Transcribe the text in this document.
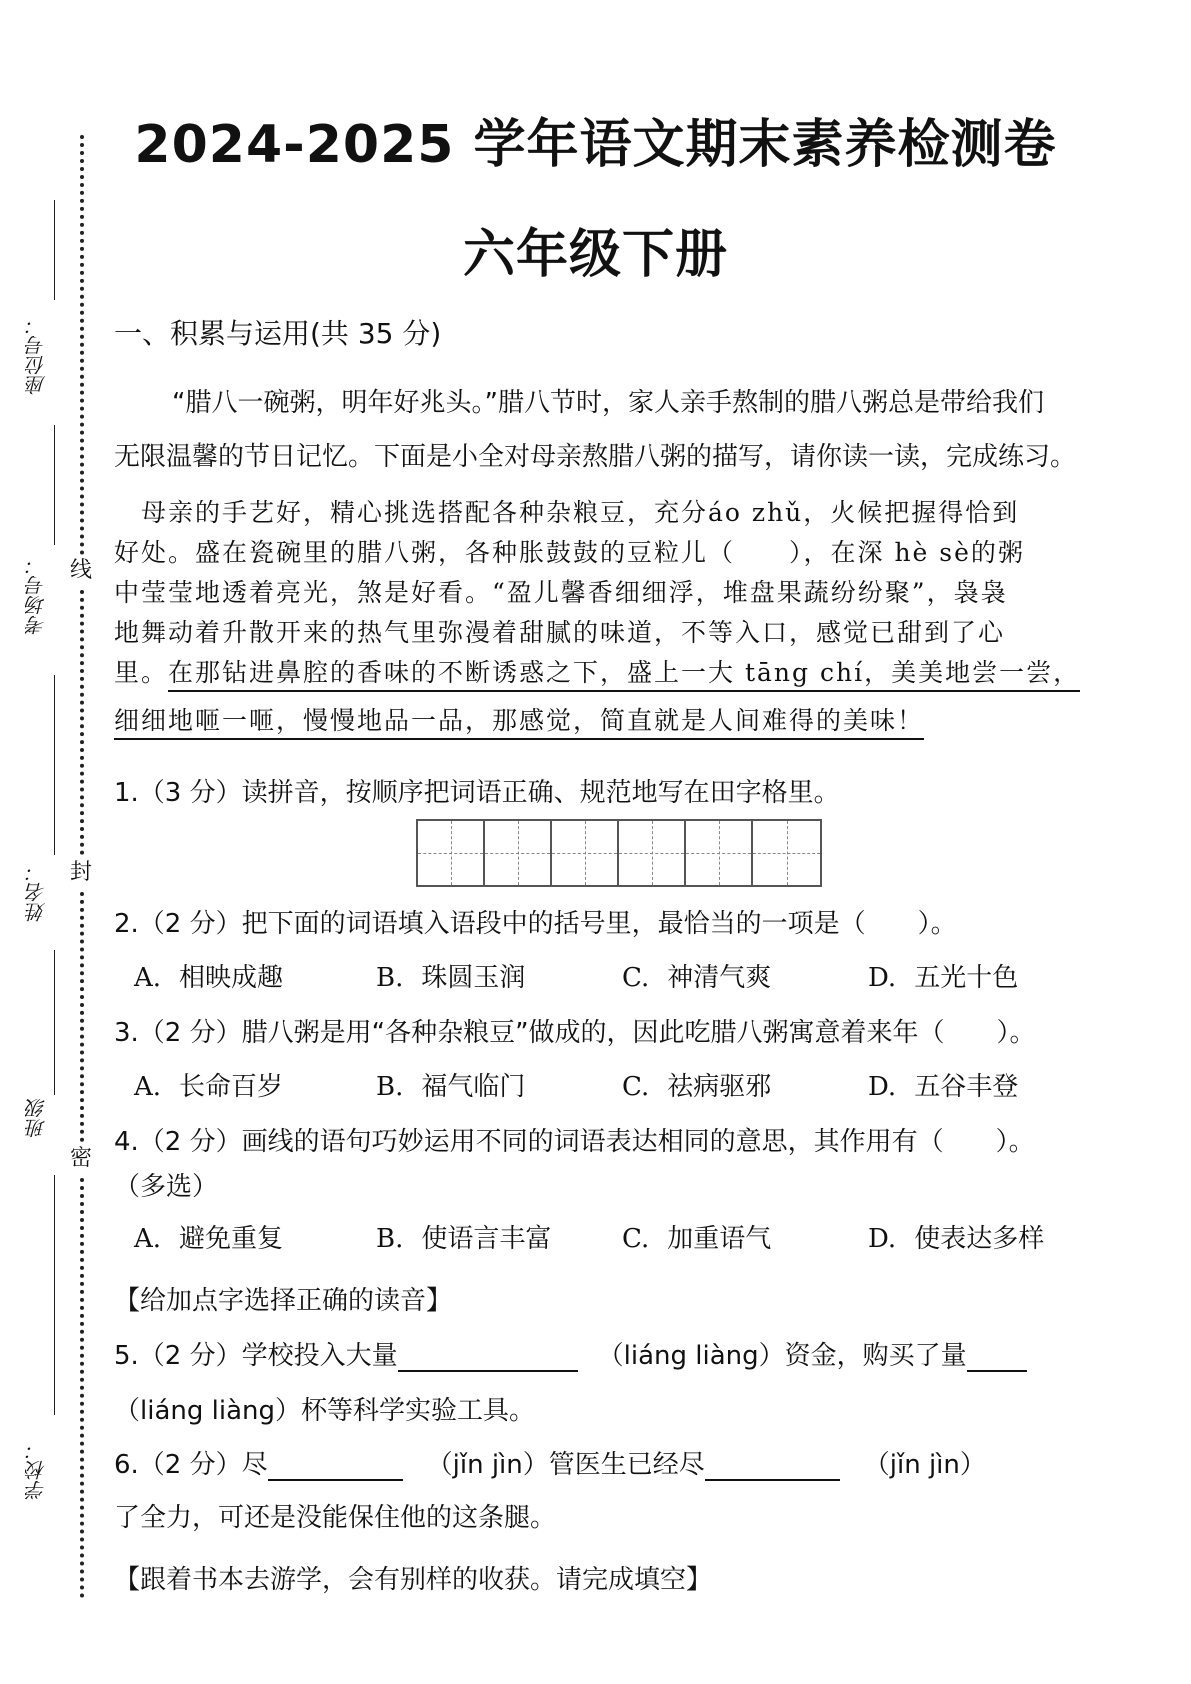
线
封
密
座位号：
考场号：
姓名：
班级
学校：
2024-2025 学年语文期末素养检测卷
六年级下册
一、积累与运用(共 35 分)
“腊八一碗粥，明年好兆头。”腊八节时，家人亲手熬制的腊八粥总是带给我们
无限温馨的节日记忆。下面是小全对母亲熬腊八粥的描写，请你读一读，完成练习。
　母亲的手艺好，精心挑选搭配各种杂粮豆，充分áo zhǔ，火候把握得恰到
好处。盛在瓷碗里的腊八粥，各种胀鼓鼓的豆粒儿（　　），在深 hè sè的粥
中莹莹地透着亮光，煞是好看。“盈儿馨香细细浮，堆盘果蔬纷纷聚”，袅袅
地舞动着升散开来的热气里弥漫着甜腻的味道，不等入口，感觉已甜到了心
里。在那钻进鼻腔的香味的不断诱惑之下，盛上一大 tāng chí，美美地尝一尝，
细细地咂一咂，慢慢地品一品，那感觉，简直就是人间难得的美味！
1.（3 分）读拼音，按顺序把词语正确、规范地写在田字格里。
2.（2 分）把下面的词语填入语段中的括号里，最恰当的一项是（　　）。
A. 相映成趣	B. 珠圆玉润	C. 神清气爽	D. 五光十色
3.（2 分）腊八粥是用“各种杂粮豆”做成的，因此吃腊八粥寓意着来年（　　）。
A. 长命百岁	B. 福气临门	C. 祛病驱邪	D. 五谷丰登
4.（2 分）画线的语句巧妙运用不同的词语表达相同的意思，其作用有（　　）。
（多选）
A. 避免重复	B. 使语言丰富	C. 加重语气	D. 使表达多样
【给加点字选择正确的读音】
5.（2 分）学校投入大量	（liáng liàng）资金，购买了量
（liáng liàng）杯等科学实验工具。
6.（2 分）尽	（jǐn jìn）管医生已经尽	（jǐn jìn）
了全力，可还是没能保住他的这条腿。
【跟着书本去游学，会有别样的收获。请完成填空】
